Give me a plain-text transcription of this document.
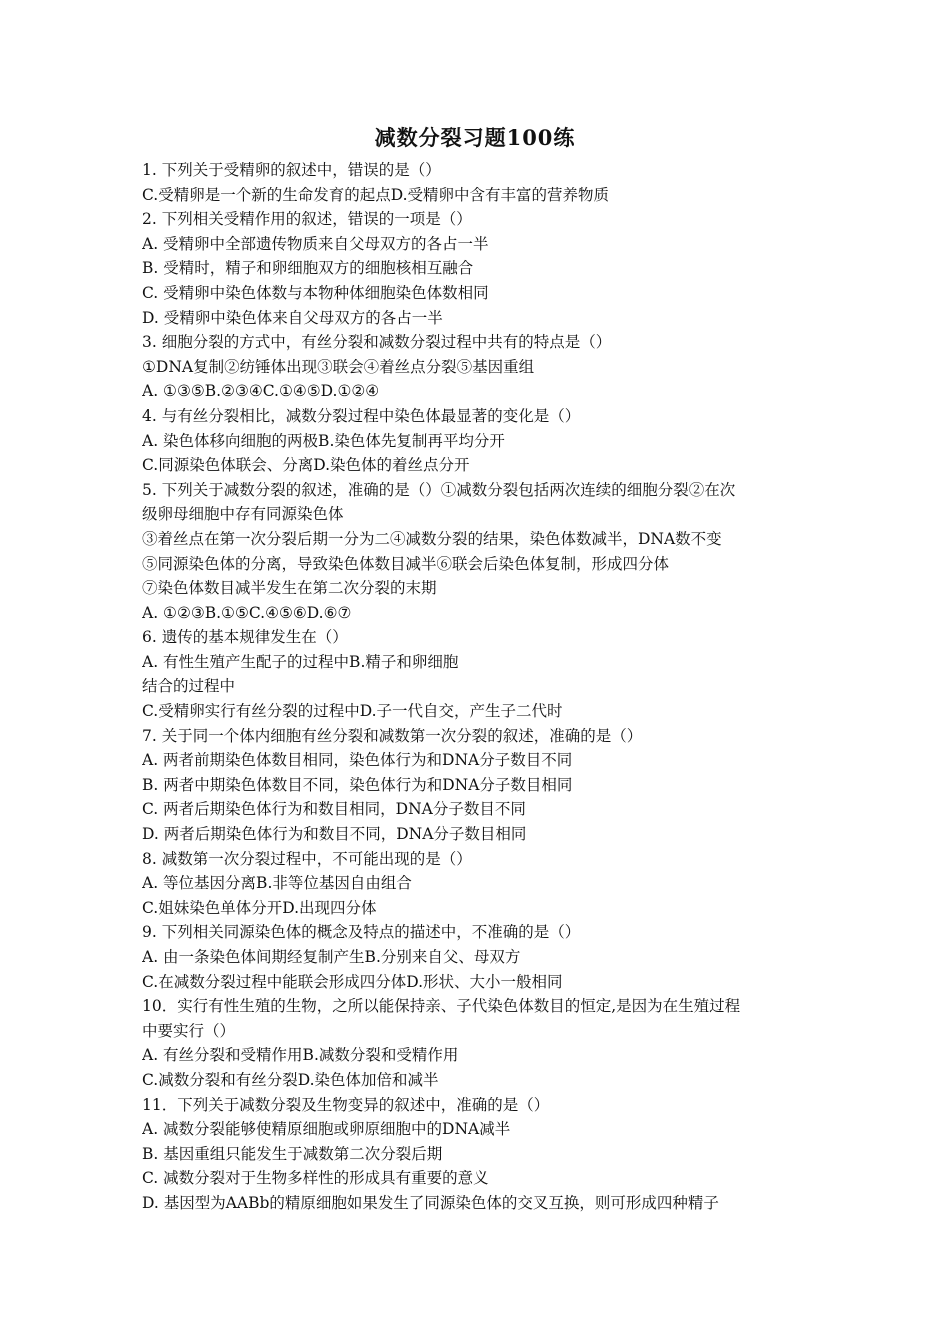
减数分裂习题100练
1. 下列关于受精卵的叙述中，错误的是（）
C.受精卵是一个新的生命发育的起点D.受精卵中含有丰富的营养物质
2. 下列相关受精作用的叙述，错误的一项是（）
A. 受精卵中全部遗传物质来自父母双方的各占一半
B. 受精时，精子和卵细胞双方的细胞核相互融合
C. 受精卵中染色体数与本物种体细胞染色体数相同
D. 受精卵中染色体来自父母双方的各占一半
3. 细胞分裂的方式中，有丝分裂和减数分裂过程中共有的特点是（）
①DNA复制②纺锤体出现③联会④着丝点分裂⑤基因重组
A. ①③⑤B.②③④C.①④⑤D.①②④
4. 与有丝分裂相比，减数分裂过程中染色体最显著的变化是（）
A. 染色体移向细胞的两极B.染色体先复制再平均分开
C.同源染色体联会、分离D.染色体的着丝点分开
5. 下列关于减数分裂的叙述，准确的是（）①减数分裂包括两次连续的细胞分裂②在次
级卵母细胞中存有同源染色体
③着丝点在第一次分裂后期一分为二④减数分裂的结果，染色体数减半，DNA数不变
⑤同源染色体的分离，导致染色体数目减半⑥联会后染色体复制，形成四分体
⑦染色体数目减半发生在第二次分裂的末期
A. ①②③B.①⑤C.④⑤⑥D.⑥⑦
6. 遗传的基本规律发生在（）
A. 有性生殖产生配子的过程中B.精子和卵细胞
结合的过程中
C.受精卵实行有丝分裂的过程中D.子一代自交，产生子二代时
7. 关于同一个体内细胞有丝分裂和减数第一次分裂的叙述，准确的是（）
A. 两者前期染色体数目相同，染色体行为和DNA分子数目不同
B. 两者中期染色体数目不同，染色体行为和DNA分子数目相同
C. 两者后期染色体行为和数目相同，DNA分子数目不同
D. 两者后期染色体行为和数目不同，DNA分子数目相同
8. 减数第一次分裂过程中，不可能出现的是（）
A. 等位基因分离B.非等位基因自由组合
C.姐妹染色单体分开D.出现四分体
9. 下列相关同源染色体的概念及特点的描述中，不准确的是（）
A. 由一条染色体间期经复制产生B.分别来自父、母双方
C.在减数分裂过程中能联会形成四分体D.形状、大小一般相同
10．实行有性生殖的生物，之所以能保持亲、子代染色体数目的恒定,是因为在生殖过程
中要实行（）
A. 有丝分裂和受精作用B.减数分裂和受精作用
C.减数分裂和有丝分裂D.染色体加倍和减半
11．下列关于减数分裂及生物变异的叙述中，准确的是（）
A. 减数分裂能够使精原细胞或卵原细胞中的DNA减半
B. 基因重组只能发生于减数第二次分裂后期
C. 减数分裂对于生物多样性的形成具有重要的意义
D. 基因型为AABb的精原细胞如果发生了同源染色体的交叉互换，则可形成四种精子
